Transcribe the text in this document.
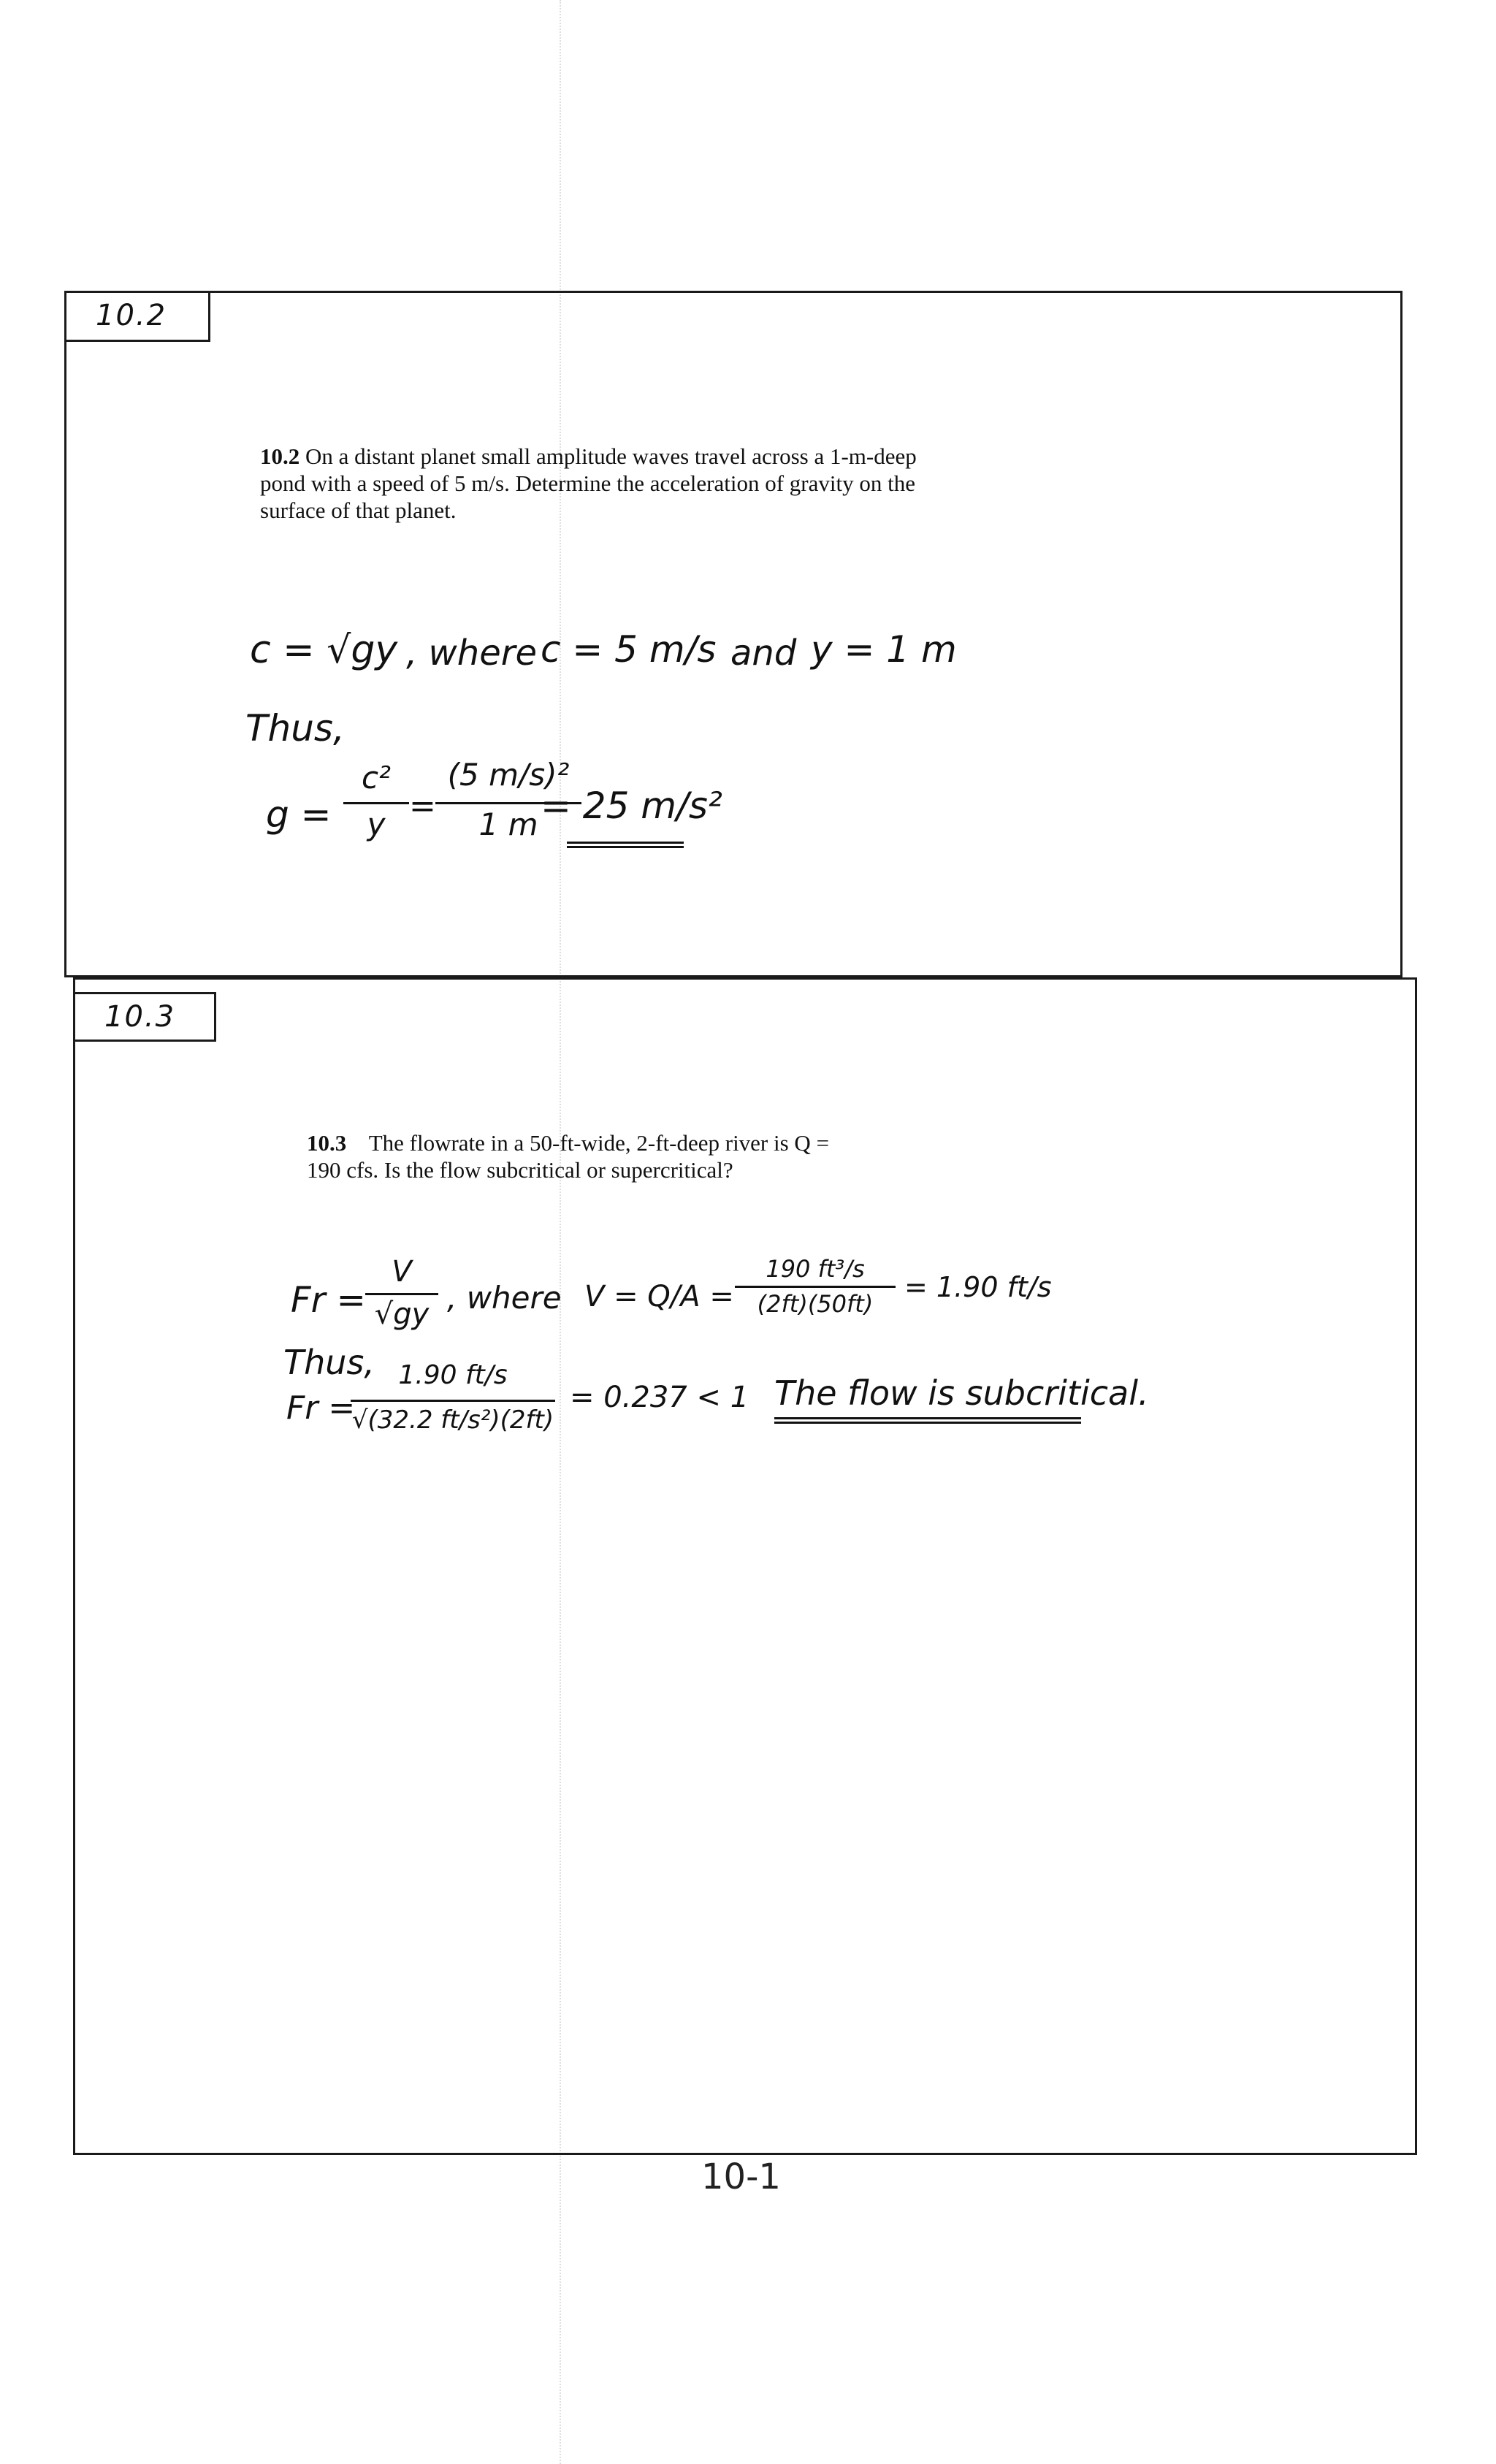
10.2
10.2 On a distant planet small amplitude waves travel across a 1-m-deep pond with a speed of 5 m/s. Determine the acceleration of gravity on the surface of that planet.
c = √gy , where c = 5 m/s and y = 1 m
Thus,
g =
c²
y =
(5 m/s)²
1 m = 25 m/s²
10.3
10.3 The flowrate in a 50-ft-wide, 2-ft-deep river is Q = 190 cfs. Is the flow subcritical or supercritical?
Fr =
V
√gy , where V = Q/A =
190 ft³/s
(2ft)(50ft)
= 1.90 ft/s
Thus,
Fr =
1.90 ft/s
√(32.2 ft/s²)(2ft)
= 0.237 < 1 The flow is subcritical.
10-1
